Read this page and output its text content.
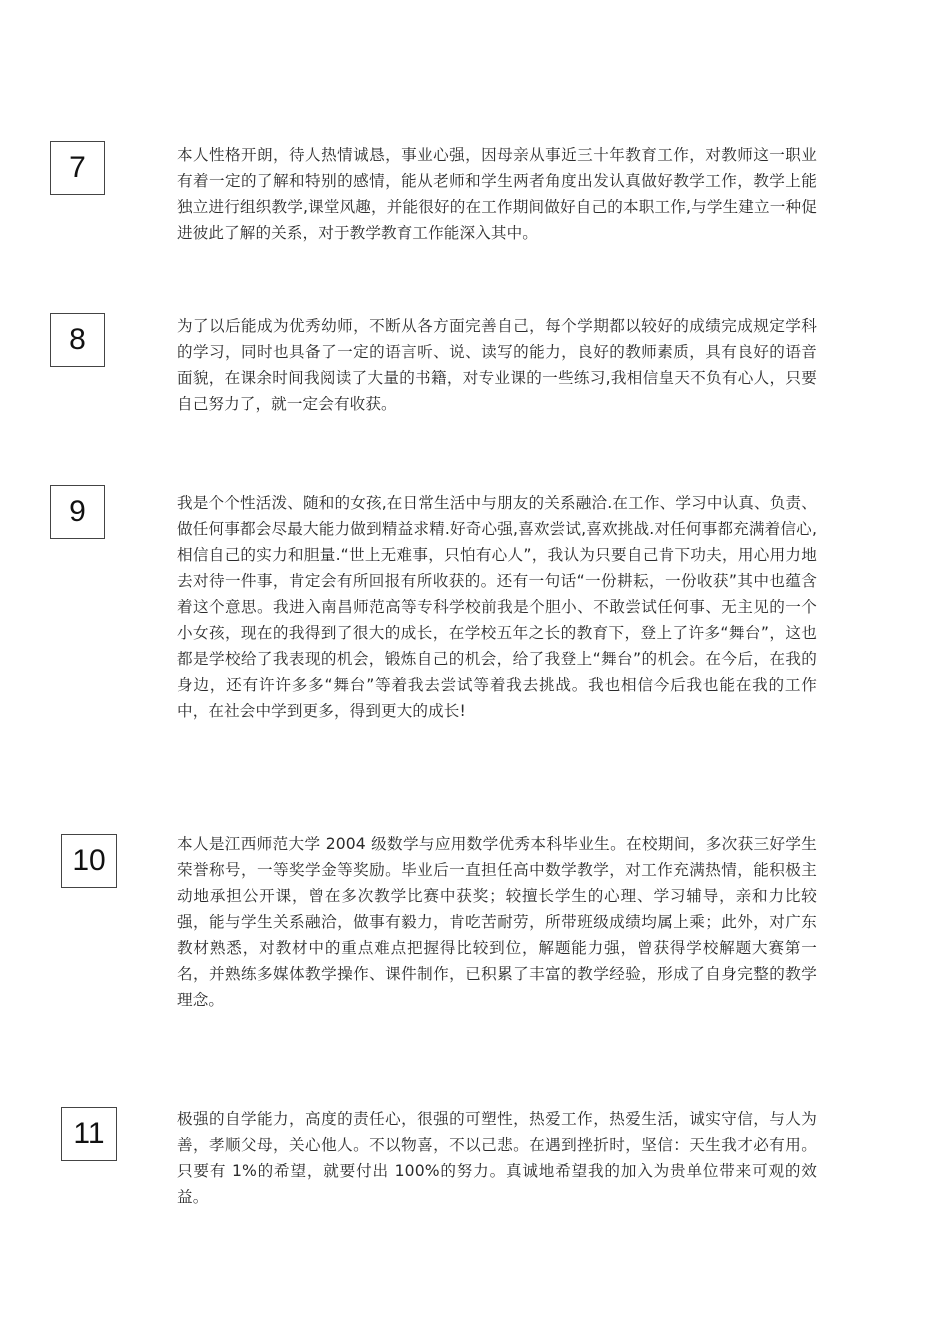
7	本人性格开朗，待人热情诚恳，事业心强，因母亲从事近三十年教育工作，对教师这一职业有着一定的了解和特别的感情，能从老师和学生两者角度出发认真做好教学工作，教学上能独立进行组织教学,课堂风趣，并能很好的在工作期间做好自己的本职工作,与学生建立一种促进彼此了解的关系，对于教学教育工作能深入其中。

8	为了以后能成为优秀幼师，不断从各方面完善自己，每个学期都以较好的成绩完成规定学科的学习，同时也具备了一定的语言听、说、读写的能力，良好的教师素质，具有良好的语音面貌，在课余时间我阅读了大量的书籍，对专业课的一些练习,我相信皇天不负有心人，只要自己努力了，就一定会有收获。

9	我是个个性活泼、随和的女孩,在日常生活中与朋友的关系融洽.在工作、学习中认真、负责、做任何事都会尽最大能力做到精益求精.好奇心强,喜欢尝试,喜欢挑战.对任何事都充满着信心,相信自己的实力和胆量.“世上无难事，只怕有心人”，我认为只要自己肯下功夫，用心用力地去对待一件事，肯定会有所回报有所收获的。还有一句话“一份耕耘，一份收获”其中也蕴含着这个意思。我进入南昌师范高等专科学校前我是个胆小、不敢尝试任何事、无主见的一个小女孩，现在的我得到了很大的成长，在学校五年之长的教育下，登上了许多“舞台”，这也都是学校给了我表现的机会，锻炼自己的机会，给了我登上“舞台”的机会。在今后，在我的身边，还有许许多多“舞台”等着我去尝试等着我去挑战。我也相信今后我也能在我的工作中，在社会中学到更多，得到更大的成长!

10	本人是江西师范大学 2004 级数学与应用数学优秀本科毕业生。在校期间，多次获三好学生荣誉称号，一等奖学金等奖励。毕业后一直担任高中数学教学，对工作充满热情，能积极主动地承担公开课，曾在多次教学比赛中获奖；较擅长学生的心理、学习辅导，亲和力比较强，能与学生关系融洽，做事有毅力，肯吃苦耐劳，所带班级成绩均属上乘；此外，对广东教材熟悉，对教材中的重点难点把握得比较到位，解题能力强，曾获得学校解题大赛第一名，并熟练多媒体教学操作、课件制作，已积累了丰富的教学经验，形成了自身完整的教学理念。

11	极强的自学能力，高度的责任心，很强的可塑性，热爱工作，热爱生活，诚实守信，与人为善，孝顺父母，关心他人。不以物喜，不以己悲。在遇到挫折时，坚信：天生我才必有用。只要有 1%的希望，就要付出 100%的努力。真诚地希望我的加入为贵单位带来可观的效益。
